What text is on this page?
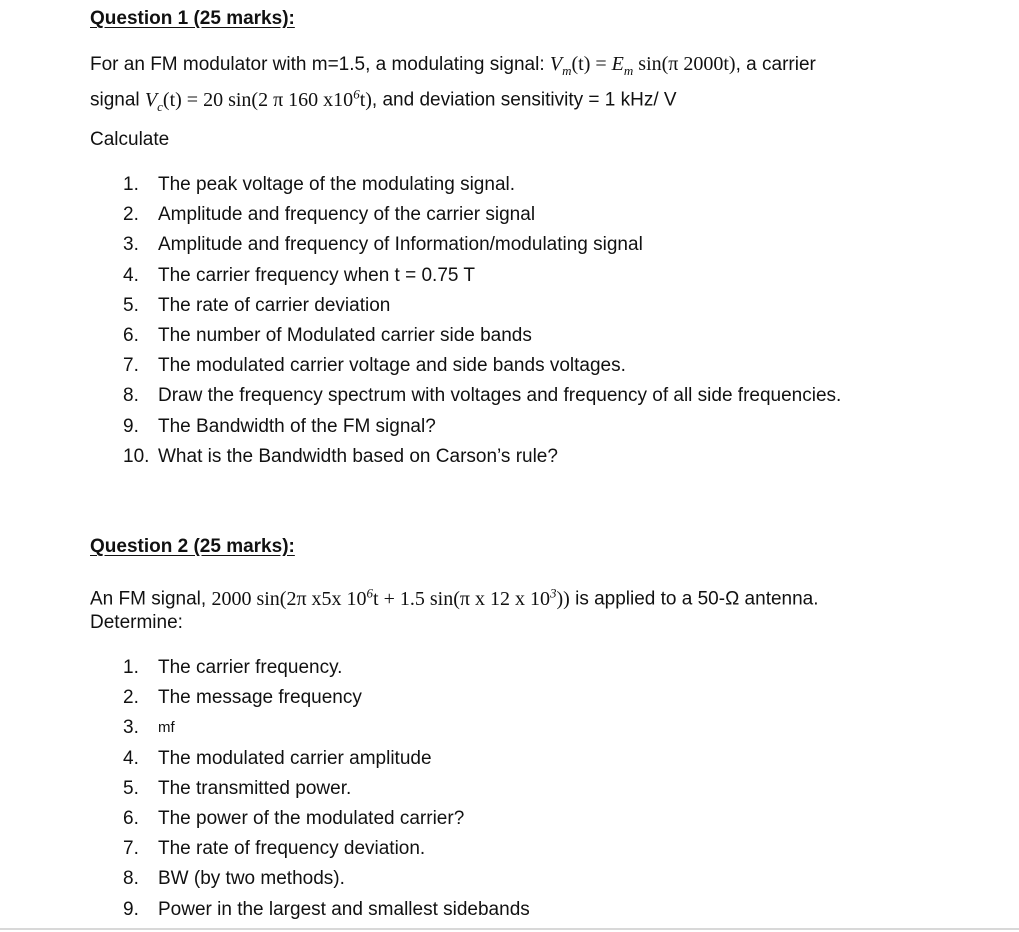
Question 1 (25 marks):
For an FM modulator with m=1.5, a modulating signal: $V_m(t) = E_m$ sin(π 2000t), a carrier
signal $V_c(t) = 20$ sin(2 π 160 $x10^6t$), and deviation sensitivity = 1 kHz/ V
Calculate
1.	The peak voltage of the modulating signal.
2.	Amplitude and frequency of the carrier signal
3.	Amplitude and frequency of Information/modulating signal
4.	The carrier frequency when t = 0.75 T
5.	The rate of carrier deviation
6.	The number of Modulated carrier side bands
7.	The modulated carrier voltage and side bands voltages.
8.	Draw the frequency spectrum with voltages and frequency of all side frequencies.
9.	The Bandwidth of the FM signal?
10. What is the Bandwidth based on Carson’s rule?
Question 2 (25 marks):
An FM signal, 2000 sin(2π x5x $10^6t + 1.5$ sin(π x 12 x $10^3$)) is applied to a 50-Ω antenna.
Determine:
1.	The carrier frequency.
2.	The message frequency
3.	mf
4.	The modulated carrier amplitude
5.	The transmitted power.
6.	The power of the modulated carrier?
7.	The rate of frequency deviation.
8.	BW (by two methods).
9.	Power in the largest and smallest sidebands
